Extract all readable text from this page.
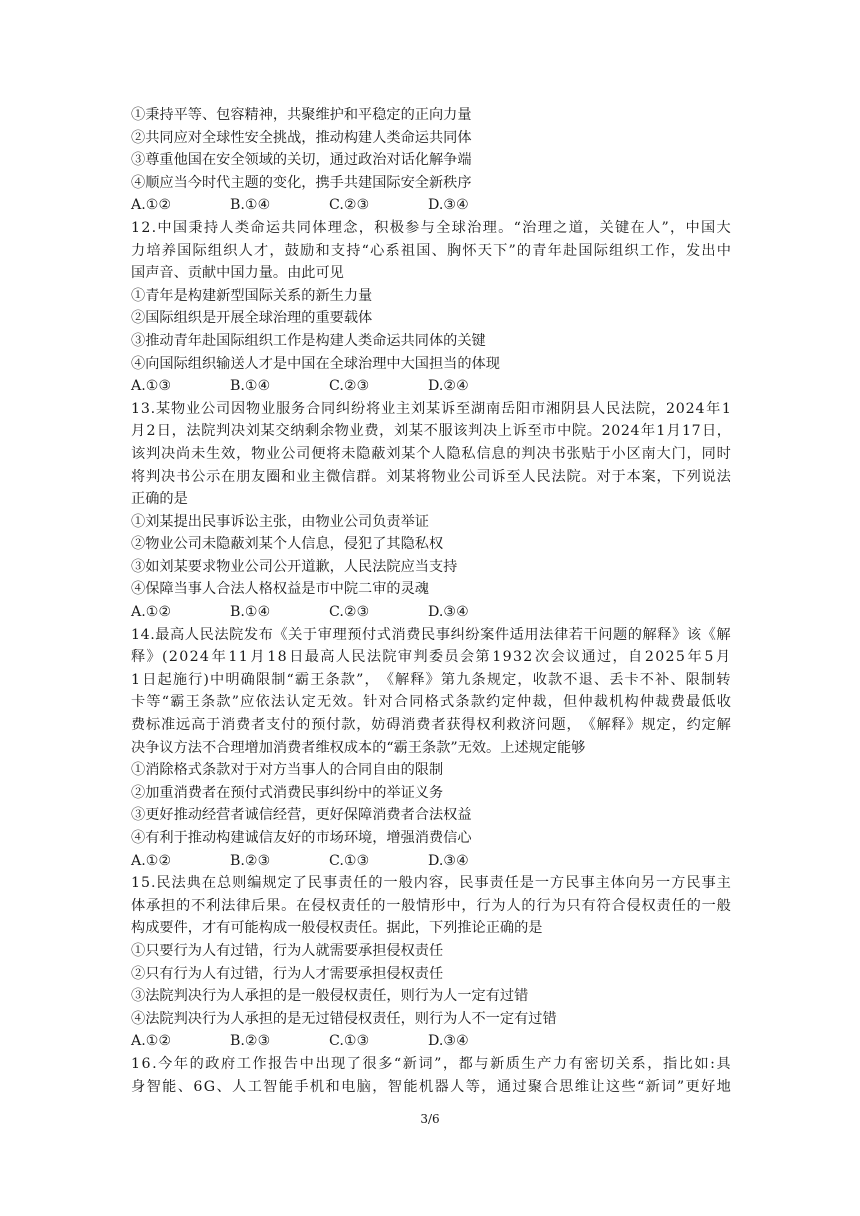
①秉持平等、包容精神，共聚维护和平稳定的正向力量
②共同应对全球性安全挑战，推动构建人类命运共同体
③尊重他国在安全领域的关切，通过政治对话化解争端
④顺应当今时代主题的变化，携手共建国际安全新秩序
A.①②	B.①④	C.②③	D.③④
1 2 . 中 国 秉 持 人 类 命 运 共 同 体 理 念 ， 积 极 参 与 全 球 治 理 。 “ 治 理 之 道 ， 关 键 在 人 ” ， 中 国 大
力 培 养 国 际 组 织 人 才 ， 鼓 励 和 支 持 “ 心 系 祖 国 、 胸 怀 天 下 ” 的 青 年 赴 国 际 组 织 工 作 ， 发 出 中
国声音、贡献中国力量。由此可见
①青年是构建新型国际关系的新生力量
②国际组织是开展全球治理的重要载体
③推动青年赴国际组织工作是构建人类命运共同体的关键
④向国际组织输送人才是中国在全球治理中大国担当的体现
A.①③	B.①④	C.②③	D.②④
1 3 . 某 物 业 公 司 因 物 业 服 务 合 同 纠 纷 将 业 主 刘 某 诉 至 湖 南 岳 阳 市 湘 阴 县 人 民 法 院 ， 2 0 2 4 年 1
月 2 日 ， 法 院 判 决 刘 某 交 纳 剩 余 物 业 费 ， 刘 某 不 服 该 判 决 上 诉 至 市 中 院 。 2 0 2 4 年 1 月 1 7 日 ，
该 判 决 尚 未 生 效 ， 物 业 公 司 便 将 未 隐 蔽 刘 某 个 人 隐 私 信 息 的 判 决 书 张 贴 于 小 区 南 大 门 ， 同 时
将 判 决 书 公 示 在 朋 友 圈 和 业 主 微 信 群 。 刘 某 将 物 业 公 司 诉 至 人 民 法 院 。 对 于 本 案 ， 下 列 说 法
正确的是
①刘某提出民事诉讼主张，由物业公司负责举证
②物业公司未隐蔽刘某个人信息，侵犯了其隐私权
③如刘某要求物业公司公开道歉，人民法院应当支持
④保障当事人合法人格权益是市中院二审的灵魂
A.①②	B.①④	C.②③	D.③④
1 4 . 最 高 人 民 法 院 发 布 《 关 于 审 理 预 付 式 消 费 民 事 纠 纷 案 件 适 用 法 律 若 干 问 题 的 解 释 》 该 《 解
释 》 ( 2 0 2 4 年 1 1 月 1 8 日 最 高 人 民 法 院 审 判 委 员 会 第 1 9 3 2 次 会 议 通 过 ， 自 2 0 2 5 年 5 月
1 日 起 施 行 ) 中 明 确 限 制 “ 霸 王 条 款 ” ， 《 解 释 》 第 九 条 规 定 ， 收 款 不 退 、 丢 卡 不 补 、 限 制 转
卡 等 “ 霸 王 条 款 ” 应 依 法 认 定 无 效 。 针 对 合 同 格 式 条 款 约 定 仲 裁 ， 但 仲 裁 机 构 仲 裁 费 最 低 收
费 标 准 远 高 于 消 费 者 支 付 的 预 付 款 ， 妨 碍 消 费 者 获 得 权 利 救 济 问 题 ， 《 解 释 》 规 定 ， 约 定 解
决争议方法不合理增加消费者维权成本的“霸王条款”无效。上述规定能够
①消除格式条款对于对方当事人的合同自由的限制
②加重消费者在预付式消费民事纠纷中的举证义务
③更好推动经营者诚信经营，更好保障消费者合法权益
④有利于推动构建诚信友好的市场环境，增强消费信心
A.①②	B.②③	C.①③	D.③④
1 5 . 民 法 典 在 总 则 编 规 定 了 民 事 责 任 的 一 般 内 容 ， 民 事 责 任 是 一 方 民 事 主 体 向 另 一 方 民 事 主
体 承 担 的 不 利 法 律 后 果 。 在 侵 权 责 任 的 一 般 情 形 中 ， 行 为 人 的 行 为 只 有 符 合 侵 权 责 任 的 一 般
构成要件，才有可能构成一般侵权责任。据此，下列推论正确的是
①只要行为人有过错，行为人就需要承担侵权责任
②只有行为人有过错，行为人才需要承担侵权责任
③法院判决行为人承担的是一般侵权责任，则行为人一定有过错
④法院判决行为人承担的是无过错侵权责任，则行为人不一定有过错
A.①②	B.②③	C.①③	D.③④
1 6 . 今 年 的 政 府 工 作 报 告 中 出 现 了 很 多 “ 新 词 ” ， 都 与 新 质 生 产 力 有 密 切 关 系 ， 指 比 如 : 具
身 智 能 、 6 G 、 人 工 智 能 手 机 和 电 脑 ， 智 能 机 器 人 等 ， 通 过 聚 合 思 维 让 这 些 “ 新 词 ” 更 好 地
3/6
